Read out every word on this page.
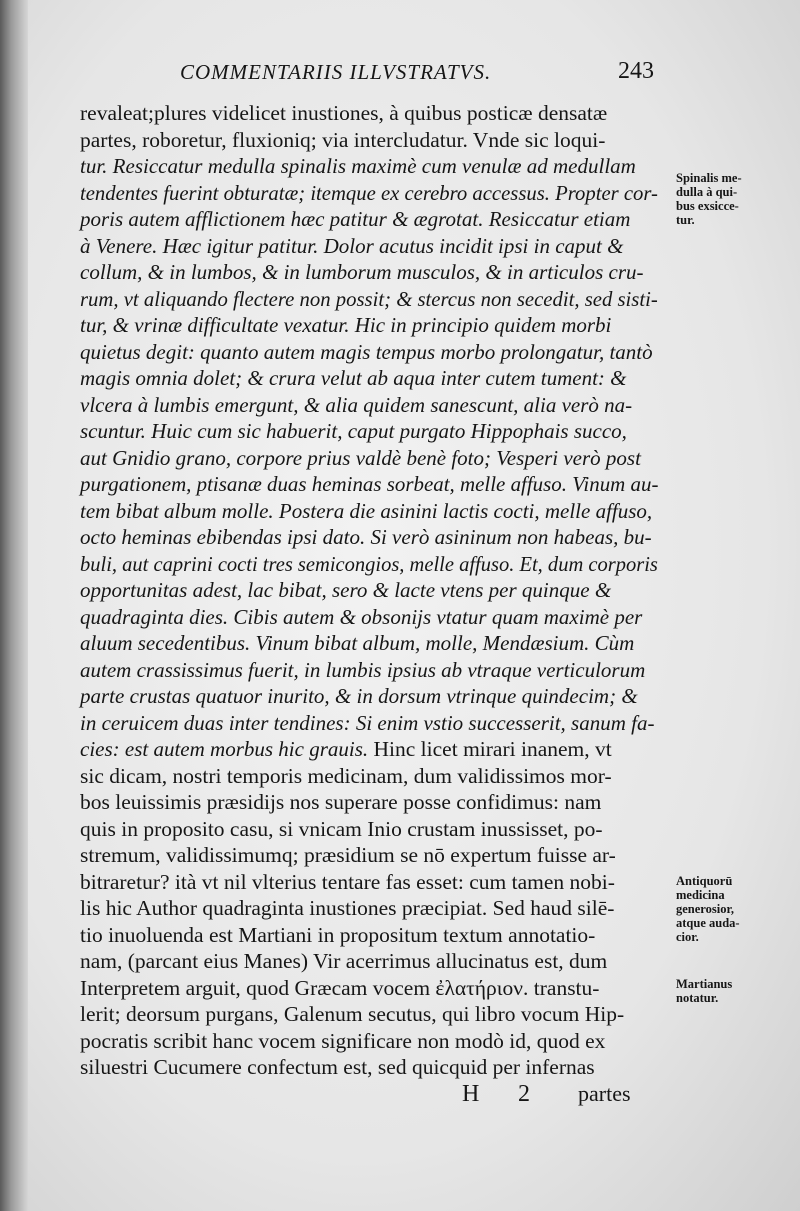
COMMENTARIIS ILLVSTRATVS.	243
revaleat;plures videlicet inustiones, à quibus posticæ densatæ
partes, roboretur, fluxioniq; via intercludatur. Vnde sic loqui-
tur. Resiccatur medulla spinalis maximè cum venulæ ad medullam
tendentes fuerint obturatæ; itemque ex cerebro accessus. Propter cor-
poris autem afflictionem hæc patitur & ægrotat. Resiccatur etiam
à Venere. Hæc igitur patitur. Dolor acutus incidit ipsi in caput &
collum, & in lumbos, & in lumborum musculos, & in articulos cru-
rum, vt aliquando flectere non possit; & stercus non secedit, sed sisti-
tur, & vrinæ difficultate vexatur. Hic in principio quidem morbi
quietus degit: quanto autem magis tempus morbo prolongatur, tantò
magis omnia dolet; & crura velut ab aqua inter cutem tument: &
vlcera à lumbis emergunt, & alia quidem sanescunt, alia verò na-
scuntur. Huic cum sic habuerit, caput purgato Hippophais succo,
aut Gnidio grano, corpore prius valdè benè foto; Vesperi verò post
purgationem, ptisanæ duas heminas sorbeat, melle affuso. Vinum au-
tem bibat album molle. Postera die asinini lactis cocti, melle affuso,
octo heminas ebibendas ipsi dato. Si verò asininum non habeas, bu-
buli, aut caprini cocti tres semicongios, melle affuso. Et, dum corporis
opportunitas adest, lac bibat, sero & lacte vtens per quinque &
quadraginta dies. Cibis autem & obsonijs vtatur quam maximè per
aluum secedentibus. Vinum bibat album, molle, Mendæsium. Cùm
autem crassissimus fuerit, in lumbis ipsius ab vtraque verticulorum
parte crustas quatuor inurito, & in dorsum vtrinque quindecim; &
in ceruicem duas inter tendines: Si enim vstio successerit, sanum fa-
cies: est autem morbus hic grauis. Hinc licet mirari inanem, vt
sic dicam, nostri temporis medicinam, dum validissimos mor-
bos leuissimis præsidijs nos superare posse confidimus: nam
quis in proposito casu, si vnicam Inio crustam inussisset, po-
stremum, validissimumq; præsidium se nō expertum fuisse ar-
bitraretur? ità vt nil vlterius tentare fas esset: cum tamen nobi-
lis hic Author quadraginta inustiones præcipiat. Sed haud silē-
tio inuoluenda est Martiani in propositum textum annotatio-
nam, (parcant eius Manes) Vir acerrimus allucinatus est, dum
Interpretem arguit, quod Græcam vocem ἐλατήριον. transtu-
lerit; deorsum purgans, Galenum secutus, qui libro vocum Hip-
pocratis scribit hanc vocem significare non modò id, quod ex
siluestri Cucumere confectum est, sed quicquid per infernas
Spinalis me-
dulla à qui-
bus exsicce-
tur.
Antiquorū
medicina
generosior,
atque auda-
cior.
Martianus
notatur.
H 2 partes
